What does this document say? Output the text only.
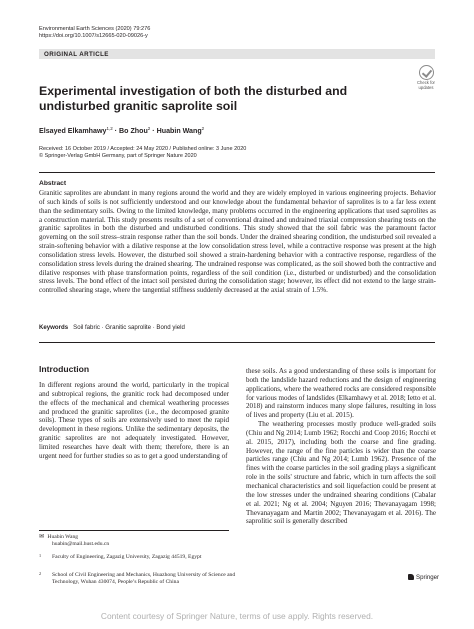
Environmental Earth Sciences (2020) 79:276
https://doi.org/10.1007/s12665-020-09026-y
ORIGINAL ARTICLE
Check for
updates
Experimental investigation of both the disturbed and undisturbed granitic saprolite soil
Elsayed Elkamhawy$^{1,2}$ · Bo Zhou$^2$ · Huabin Wang$^2$
Received: 16 October 2019 / Accepted: 24 May 2020 / Published online: 3 June 2020
© Springer-Verlag GmbH Germany, part of Springer Nature 2020
Abstract

Granitic saprolites are abundant in many regions around the world and they are widely employed in various engineering projects. Behavior of such kinds of soils is not sufficiently understood and our knowledge about the fundamental behavior of saprolites is to a far less extent than the sedimentary soils. Owing to the limited knowledge, many problems occurred in the engineering applications that used saprolites as a construction material. This study presents results of a set of conventional drained and undrained triaxial compression shearing tests on the granitic saprolites in both the disturbed and undisturbed conditions. This study showed that the soil fabric was the paramount factor governing on the soil stress–strain response rather than the soil bonds. Under the drained shearing condition, the undisturbed soil revealed a strain-softening behavior with a dilative response at the low consolidation stress level, while a contractive response was present at the high consolidation stress levels. However, the disturbed soil showed a strain-hardening behavior with a contractive response, regardless of the consolidation stress levels during the drained shearing. The undrained response was complicated, as the soil showed both the contractive and dilative responses with phase transformation points, regardless of the soil condition (i.e., disturbed or undisturbed) and the consolidation stress levels. The bond effect of the intact soil persisted during the consolidation stage; however, its effect did not extend to the large strain-controlled shearing stage, where the tangential stiffness suddenly decreased at the axial strain of 1.5%.

Keywords Soil fabric · Granitic saprolite · Bond yield
Introduction

In different regions around the world, particularly in the tropical and subtropical regions, the granitic rock had decomposed under the effects of the mechanical and chemical weathering processes and produced the granitic saprolites (i.e., the decomposed granite soils). These types of soils are extensively used to meet the rapid development in these regions. Unlike the sedimentary deposits, the granitic saprolites are not adequately investigated. However, limited researches have dealt with them; therefore, there is an urgent need for further studies so as to get a good understanding of

these soils. As a good understanding of these soils is important for both the landslide hazard reductions and the design of engineering applications, where the weathered rocks are considered responsible for various modes of landslides (Elkamhawy et al. 2018; Ietto et al. 2018) and rainstorm induces many slope failures, resulting in loss of lives and property (Liu et al. 2015).

The weathering processes mostly produce well-graded soils (Chiu and Ng 2014; Lumb 1962; Rocchi and Coop 2016; Rocchi et al. 2015, 2017), including both the coarse and fine grading. However, the range of the fine particles is wider than the coarse particles range (Chiu and Ng 2014; Lumb 1962). Presence of the fines with the coarse particles in the soil grading plays a significant role in the soils' structure and fabric, which in turn affects the soil mechanical characteristics and soil liquefaction could be present at the low stresses under the undrained shearing conditions (Cabalar et al. 2021; Ng et al. 2004; Nguyen 2016; Thevanayagam 1998; Thevanayagam and Martin 2002; Thevanayagam et al. 2016). The saprolitic soil is generally described

✉ Huabin Wang
huabin@mail.hust.edu.cn
1	Faculty of Engineering, Zagazig University, Zagazig 44519, Egypt
2	School of Civil Engineering and Mechanics, Huazhong University of Science and Technology, Wuhan 430074, People’s Republic of China
Springer
Content courtesy of Springer Nature, terms of use apply. Rights reserved.
